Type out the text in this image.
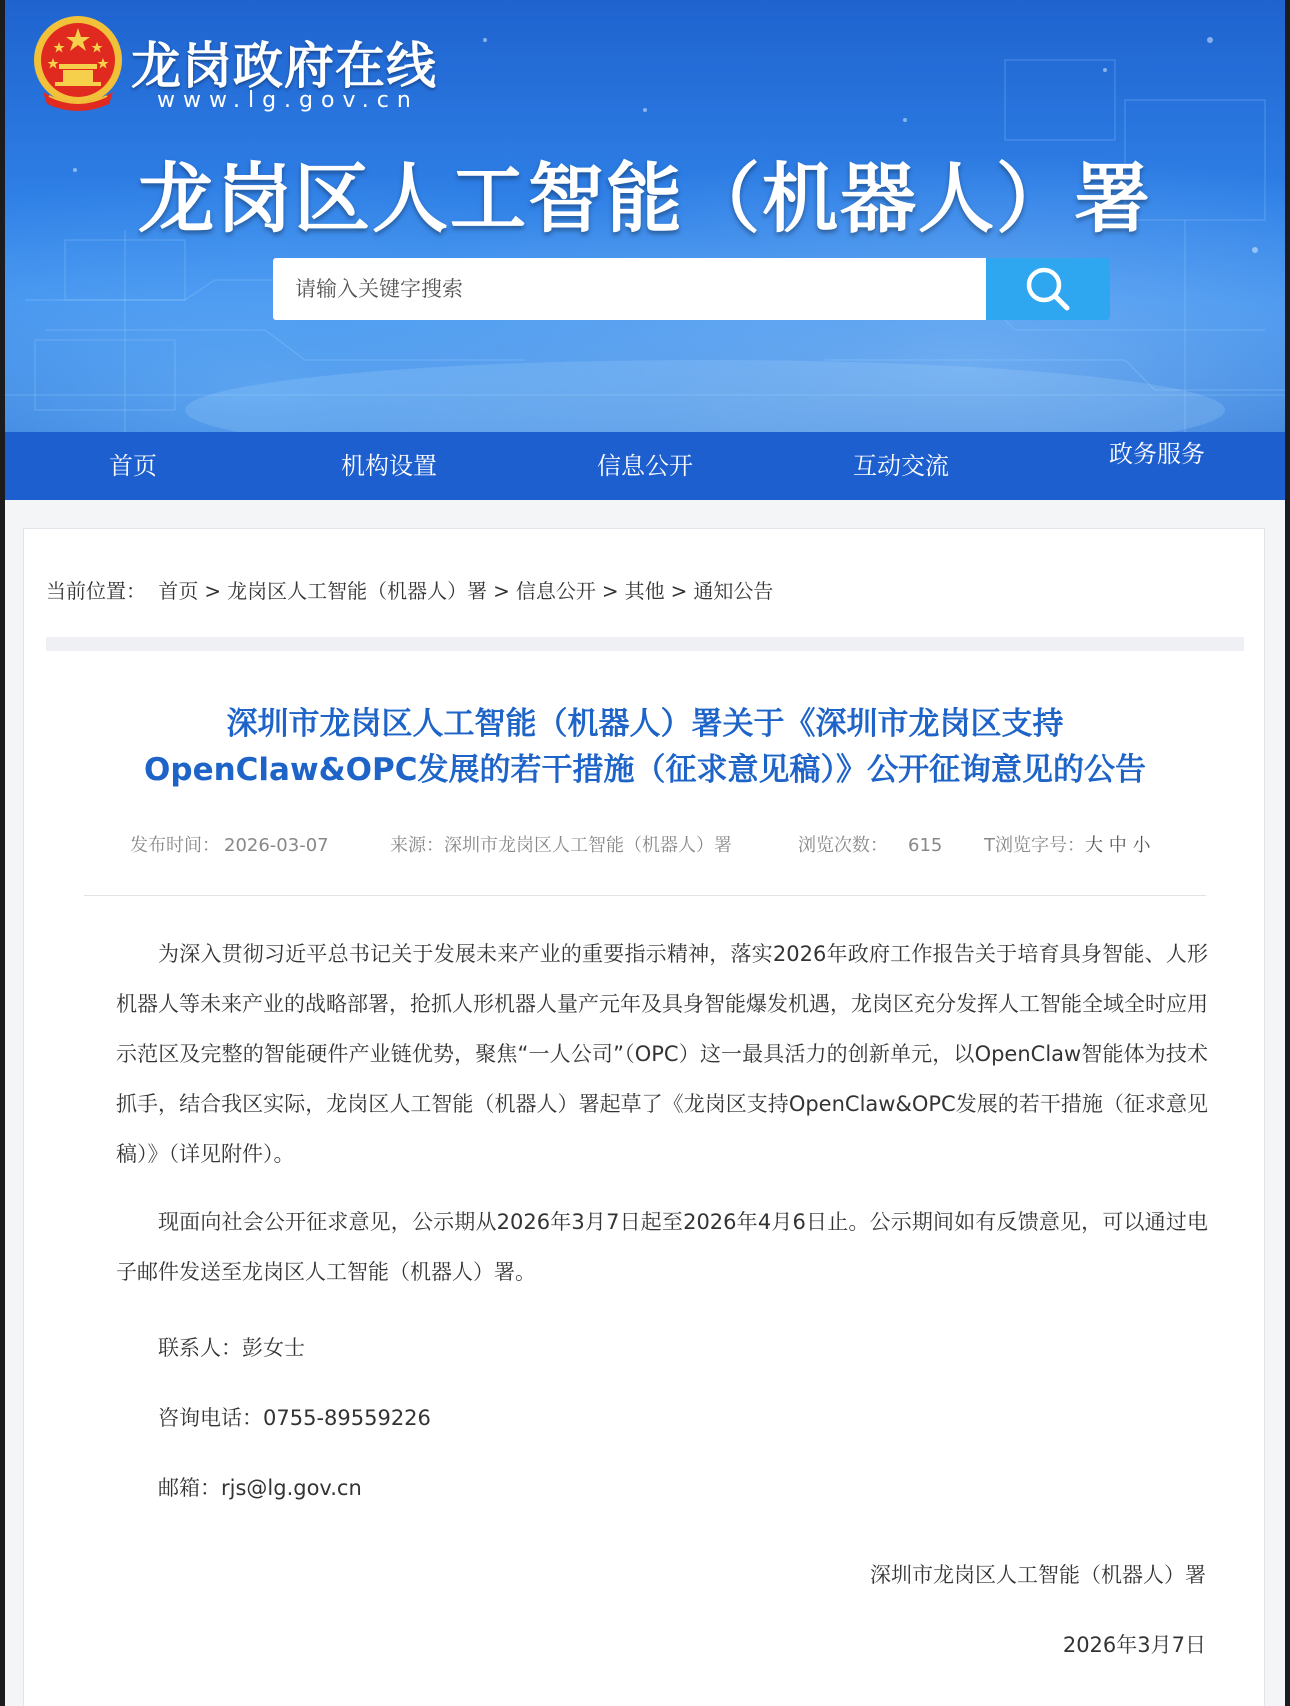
龙岗政府在线
www.lg.gov.cn
龙岗区人工智能（机器人）署
请输入关键字搜索
首页	机构设置	信息公开	互动交流	政务服务
当前位置： 首页 > 龙岗区人工智能（机器人）署 > 信息公开 > 其他 > 通知公告
深圳市龙岗区人工智能（机器人）署关于《深圳市龙岗区支持
OpenClaw&OPC发展的若干措施（征求意见稿）》公开征询意见的公告
发布时间： 2026-03-07	来源：深圳市龙岗区人工智能（机器人）署	浏览次数： 615 T浏览字号：大 中 小

为深入贯彻习近平总书记关于发展未来产业的重要指示精神，落实2026年政府工作报告关于培育具身智能、人形机器人等未来产业的战略部署，抢抓人形机器人量产元年及具身智能爆发机遇，龙岗区充分发挥人工智能全域全时应用示范区及完整的智能硬件产业链优势，聚焦“一人公司”（OPC）这一最具活力的创新单元，以OpenClaw智能体为技术抓手，结合我区实际，龙岗区人工智能（机器人）署起草了《龙岗区支持OpenClaw&OPC发展的若干措施（征求意见稿）》（详见附件）。

现面向社会公开征求意见，公示期从2026年3月7日起至2026年4月6日止。公示期间如有反馈意见，可以通过电子邮件发送至龙岗区人工智能（机器人）署。

联系人：彭女士

咨询电话：0755-89559226

邮箱：rjs@lg.gov.cn

深圳市龙岗区人工智能（机器人）署
2026年3月7日
